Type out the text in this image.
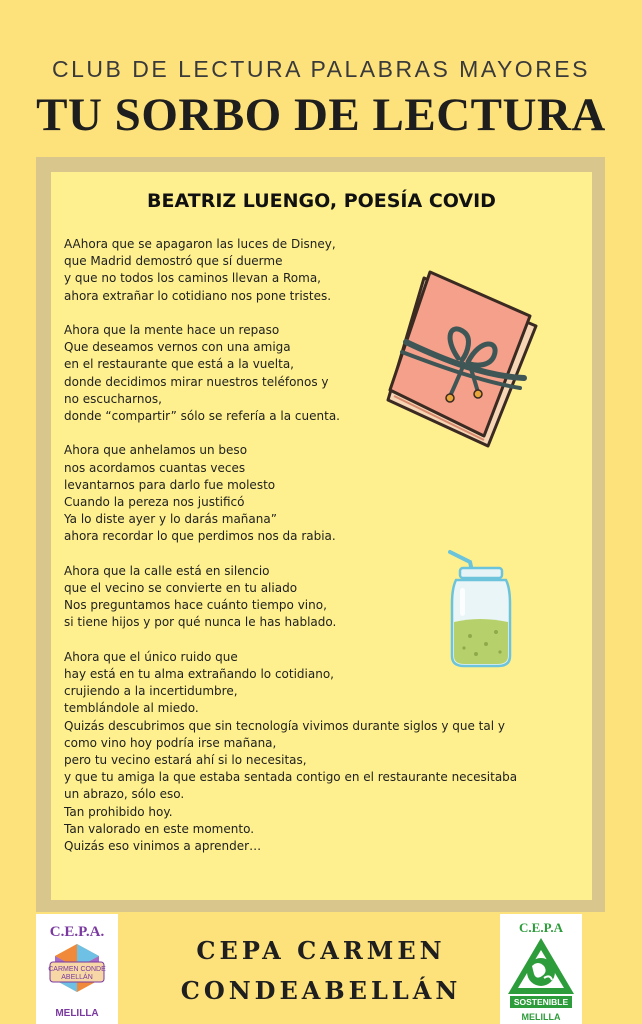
CLUB DE LECTURA PALABRAS MAYORES
TU SORBO DE LECTURA
BEATRIZ LUENGO, POESÍA COVID
AAhora que se apagaron las luces de Disney,
que Madrid demostró que sí duerme
y que no todos los caminos llevan a Roma,
ahora extrañar lo cotidiano nos pone tristes.
Ahora que la mente hace un repaso
Que deseamos vernos con una amiga
en el restaurante que está a la vuelta,
donde decidimos mirar nuestros teléfonos y
no escucharnos,
donde “compartir” sólo se refería a la cuenta.
Ahora que anhelamos un beso
nos acordamos cuantas veces
levantarnos para darlo fue molesto
Cuando la pereza nos justificó
Ya lo diste ayer y lo darás mañana”
ahora recordar lo que perdimos nos da rabia.
Ahora que la calle está en silencio
que el vecino se convierte en tu aliado
Nos preguntamos hace cuánto tiempo vino,
si tiene hijos y por qué nunca le has hablado.
Ahora que el único ruido que
hay está en tu alma extrañando lo cotidiano,
crujiendo a la incertidumbre,
temblándole al miedo.
Quizás descubrimos que sin tecnología vivimos durante siglos y que tal y como vino hoy podría irse mañana,
pero tu vecino estará ahí si lo necesitas,
y que tu amiga la que estaba sentada contigo en el restaurante necesitaba un abrazo, sólo eso.
Tan prohibido hoy.
Tan valorado en este momento.
Quizás eso vinimos a aprender…
C.E.P.A.
CARMEN CONDE
ABELLÁN
MELILLA
CEPA CARMEN
CONDEABELLÁN
C.E.P.A
SOSTENIBLE
MELILLA
